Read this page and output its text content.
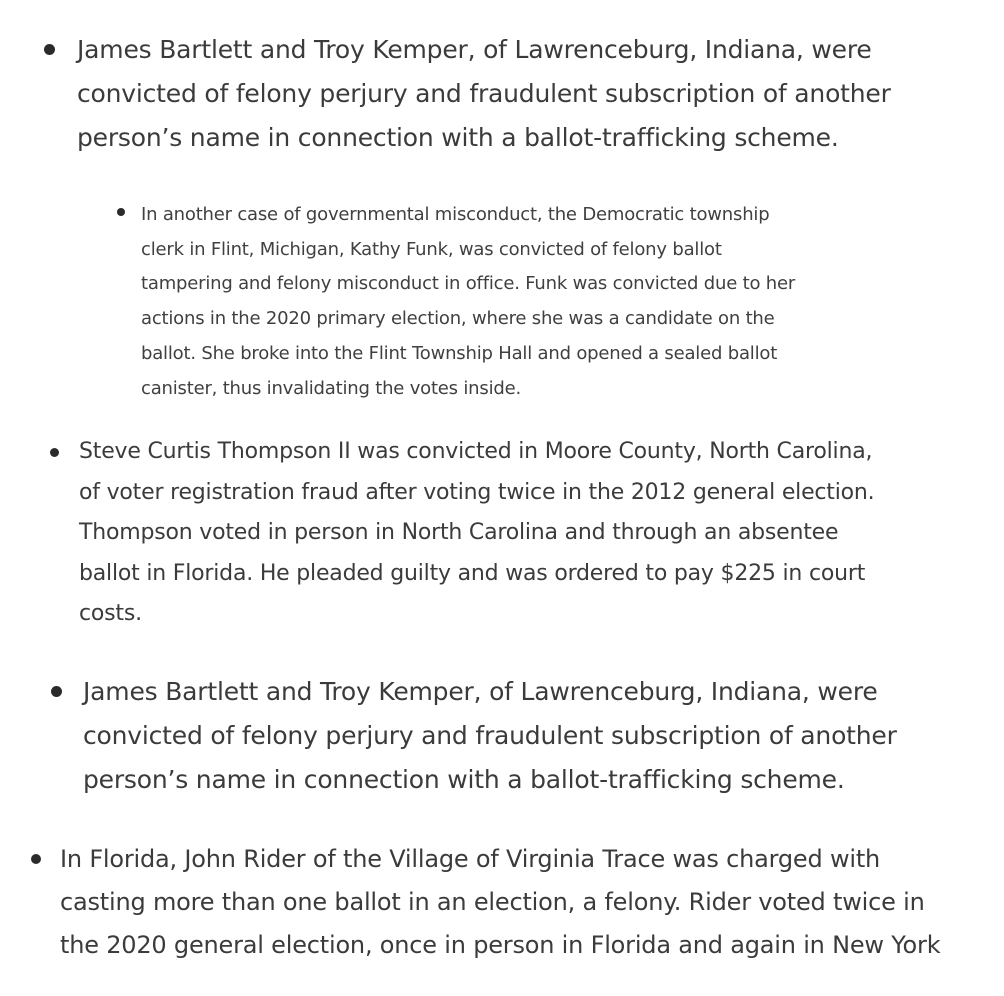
James Bartlett and Troy Kemper, of Lawrenceburg, Indiana, were
convicted of felony perjury and fraudulent subscription of another
person’s name in connection with a ballot-trafficking scheme.

In another case of governmental misconduct, the Democratic township
clerk in Flint, Michigan, Kathy Funk, was convicted of felony ballot
tampering and felony misconduct in office. Funk was convicted due to her
actions in the 2020 primary election, where she was a candidate on the
ballot. She broke into the Flint Township Hall and opened a sealed ballot
canister, thus invalidating the votes inside.

Steve Curtis Thompson II was convicted in Moore County, North Carolina,
of voter registration fraud after voting twice in the 2012 general election.
Thompson voted in person in North Carolina and through an absentee
ballot in Florida. He pleaded guilty and was ordered to pay $225 in court
costs.

James Bartlett and Troy Kemper, of Lawrenceburg, Indiana, were
convicted of felony perjury and fraudulent subscription of another
person’s name in connection with a ballot-trafficking scheme.

In Florida, John Rider of the Village of Virginia Trace was charged with
casting more than one ballot in an election, a felony. Rider voted twice in
the 2020 general election, once in person in Florida and again in New York
